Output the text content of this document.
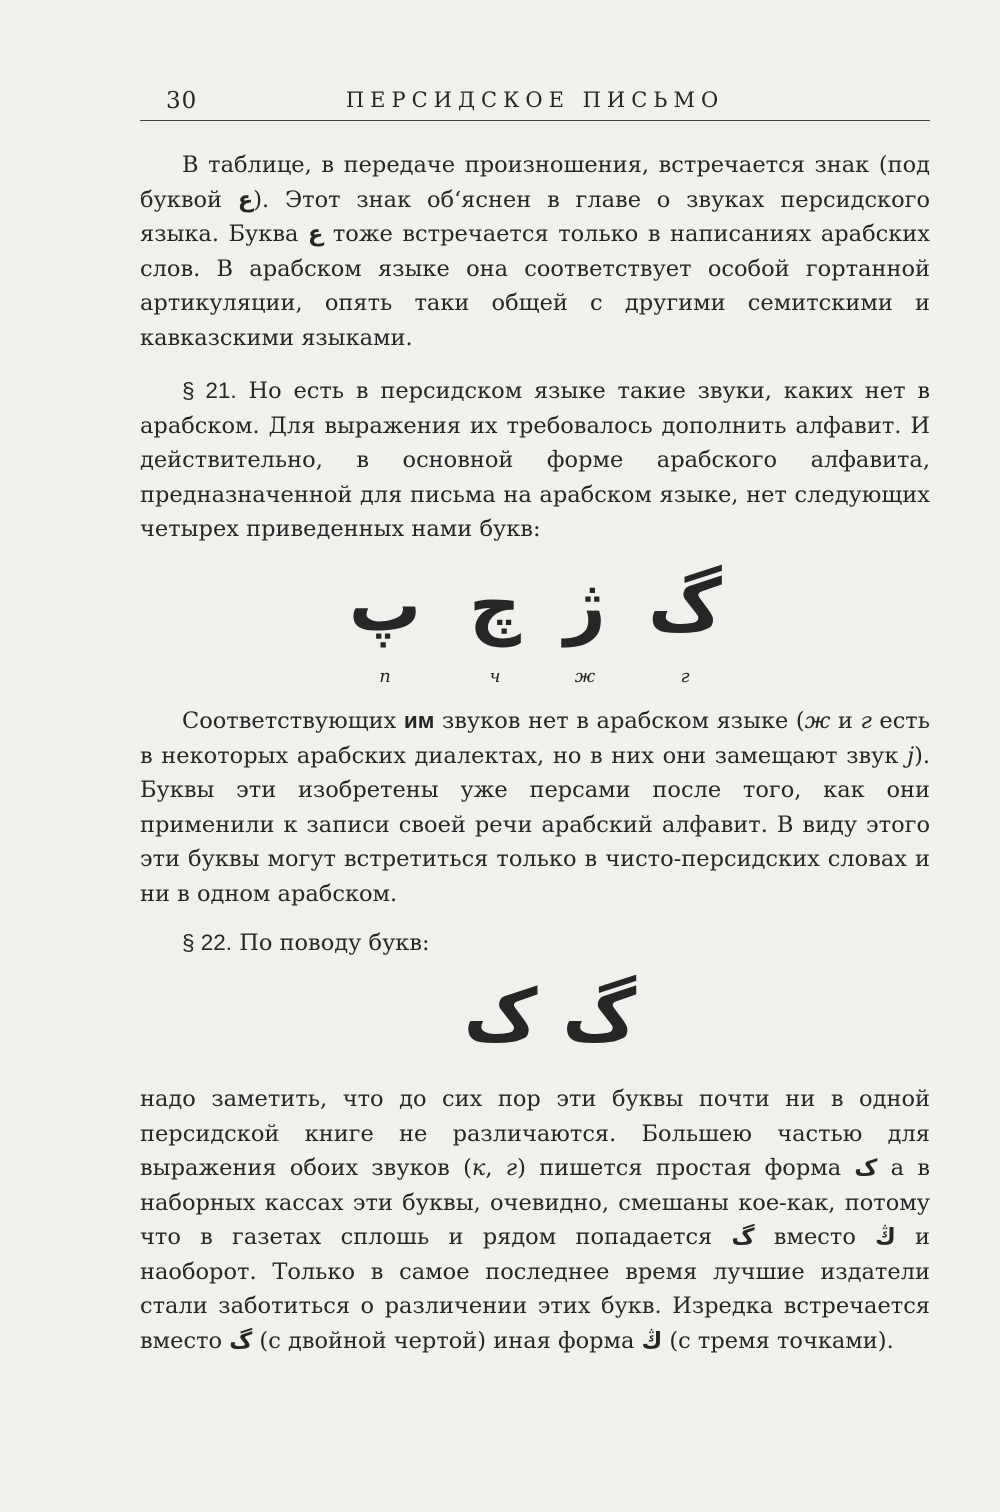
30	ПЕРСИДСКОЕ ПИСЬМО

В таблице, в передаче произношения, встречается знак (под буквой ع). Этот знак об‘яснен в главе о звуках персидского языка. Буква ع тоже встречается только в написаниях арабских слов. В арабском языке она соответствует особой гортанной артикуляции, опять таки общей с другими семитскими и кавказскими языками.

§ 21. Но есть в персидском языке такие звуки, каких нет в арабском. Для выражения их требовалось дополнить алфавит. И действительно, в основной форме арабского алфавита, предназначенной для письма на арабском языке, нет следующих четырех приведенных нами букв:

پ
п
چ
ч
ژ
ж
گ
г

Соответствующих им звуков нет в арабском языке (ж и г есть в некоторых арабских диалектах, но в них они замещают звук j). Буквы эти изобретены уже персами после того, как они применили к записи своей речи арабский алфавит. В виду этого эти буквы могут встретиться только в чисто-персидских словах и ни в одном арабском.

§ 22. По поводу букв:

گ ک

надо заметить, что до сих пор эти буквы почти ни в одной персидской книге не различаются. Большею частью для выражения обоих звуков (к, г) пишется простая форма ک а в наборных кассах эти буквы, очевидно, смешаны кое-как, потому что в газетах сплошь и рядом попадается گ вместо ڭ и наоборот. Только в самое последнее время лучшие издатели стали заботиться о различении этих букв. Изредка встречается вместо گ (с двойной чертой) иная форма ڭ (с тремя точками).
